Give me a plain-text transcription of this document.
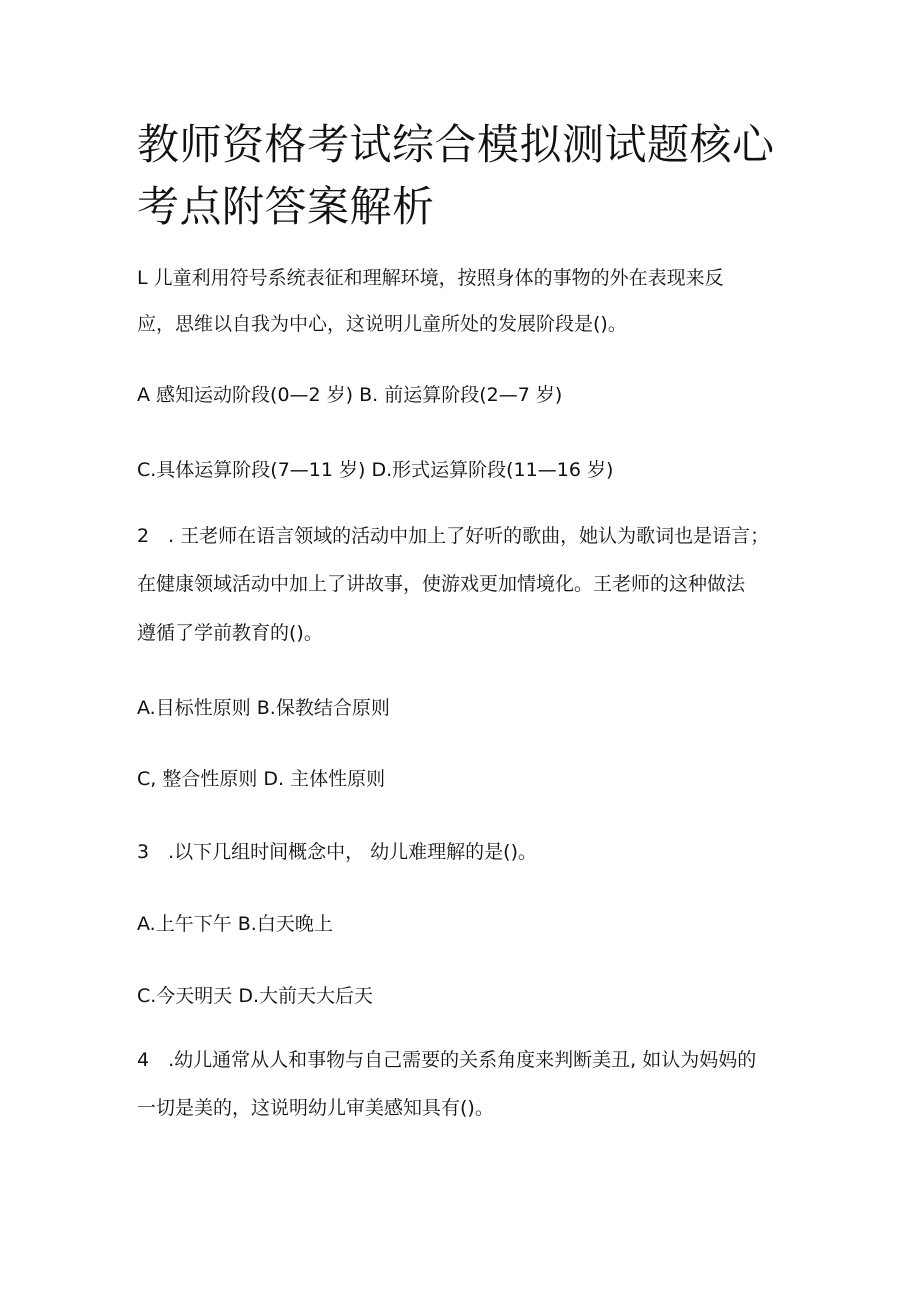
教师资格考试综合模拟测试题核心考点附答案解析

L 儿童利用符号系统表征和理解环境，按照身体的事物的外在表现来反

应，思维以自我为中心，这说明儿童所处的发展阶段是()。

A 感知运动阶段(0—2 岁) B. 前运算阶段(2—7 岁)

C.具体运算阶段(7—11 岁) D.形式运算阶段(11—16 岁)

2　. 王老师在语言领域的活动中加上了好听的歌曲，她认为歌词也是语言；

在健康领域活动中加上了讲故事，使游戏更加情境化。王老师的这种做法

遵循了学前教育的()。

A.目标性原则 B.保教结合原则

C, 整合性原则 D. 主体性原则

3　.以下几组时间概念中， 幼儿难理解的是()。

A.上午下午 B.白天晚上

C.今天明天 D.大前天大后天

4　.幼儿通常从人和事物与自己需要的关系角度来判断美丑, 如认为妈妈的

一切是美的，这说明幼儿审美感知具有()。
